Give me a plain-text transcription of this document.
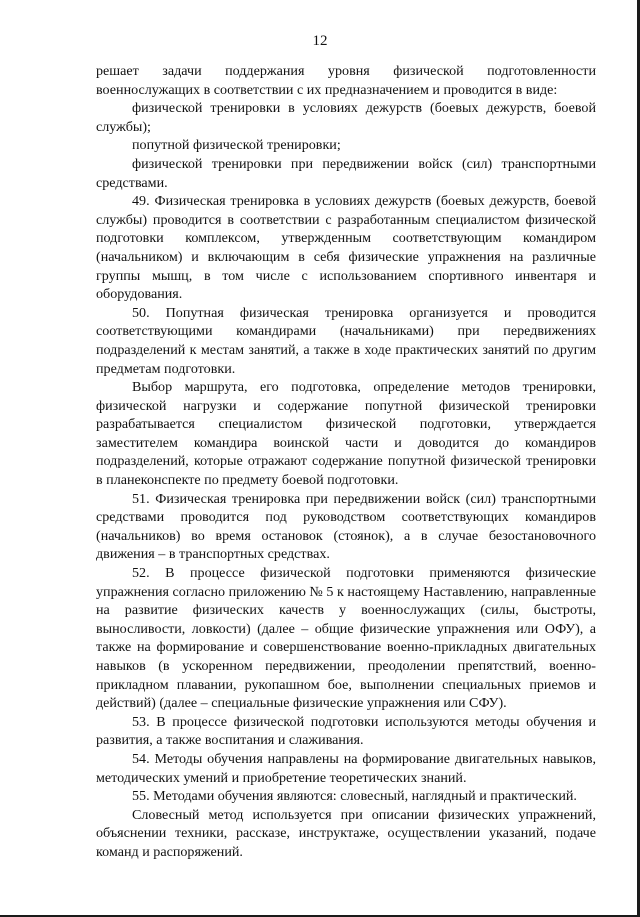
12

решает задачи поддержания уровня физической подготовленности военнослужащих в соответствии с их предназначением и проводится в виде:

физической тренировки в условиях дежурств (боевых дежурств, боевой службы);

попутной физической тренировки;

физической тренировки при передвижении войск (сил) транспортными средствами.

49. Физическая тренировка в условиях дежурств (боевых дежурств, боевой службы) проводится в соответствии с разработанным специалистом физической подготовки комплексом, утвержденным соответствующим командиром (начальником) и включающим в себя физические упражнения на различные группы мышц, в том числе с использованием спортивного инвентаря и оборудования.

50. Попутная физическая тренировка организуется и проводится соответствующими командирами (начальниками) при передвижениях подразделений к местам занятий, а также в ходе практических занятий по другим предметам подготовки.

Выбор маршрута, его подготовка, определение методов тренировки, физической нагрузки и содержание попутной физической тренировки разрабатывается специалистом физической подготовки, утверждается заместителем командира воинской части и доводится до командиров подразделений, которые отражают содержание попутной физической тренировки в планеконспекте по предмету боевой подготовки.

51. Физическая тренировка при передвижении войск (сил) транспортными средствами проводится под руководством соответствующих командиров (начальников) во время остановок (стоянок), а в случае безостановочного движения – в транспортных средствах.

52. В процессе физической подготовки применяются физические упражнения согласно приложению № 5 к настоящему Наставлению, направленные на развитие физических качеств у военнослужащих (силы, быстроты, выносливости, ловкости) (далее – общие физические упражнения или ОФУ), а также на формирование и совершенствование военно-прикладных двигательных навыков (в ускоренном передвижении, преодолении препятствий, военно-прикладном плавании, рукопашном бое, выполнении специальных приемов и действий) (далее – специальные физические упражнения или СФУ).

53. В процессе физической подготовки используются методы обучения и развития, а также воспитания и слаживания.

54. Методы обучения направлены на формирование двигательных навыков, методических умений и приобретение теоретических знаний.

55. Методами обучения являются: словесный, наглядный и практический.

Словесный метод используется при описании физических упражнений, объяснении техники, рассказе, инструктаже, осуществлении указаний, подаче команд и распоряжений.
